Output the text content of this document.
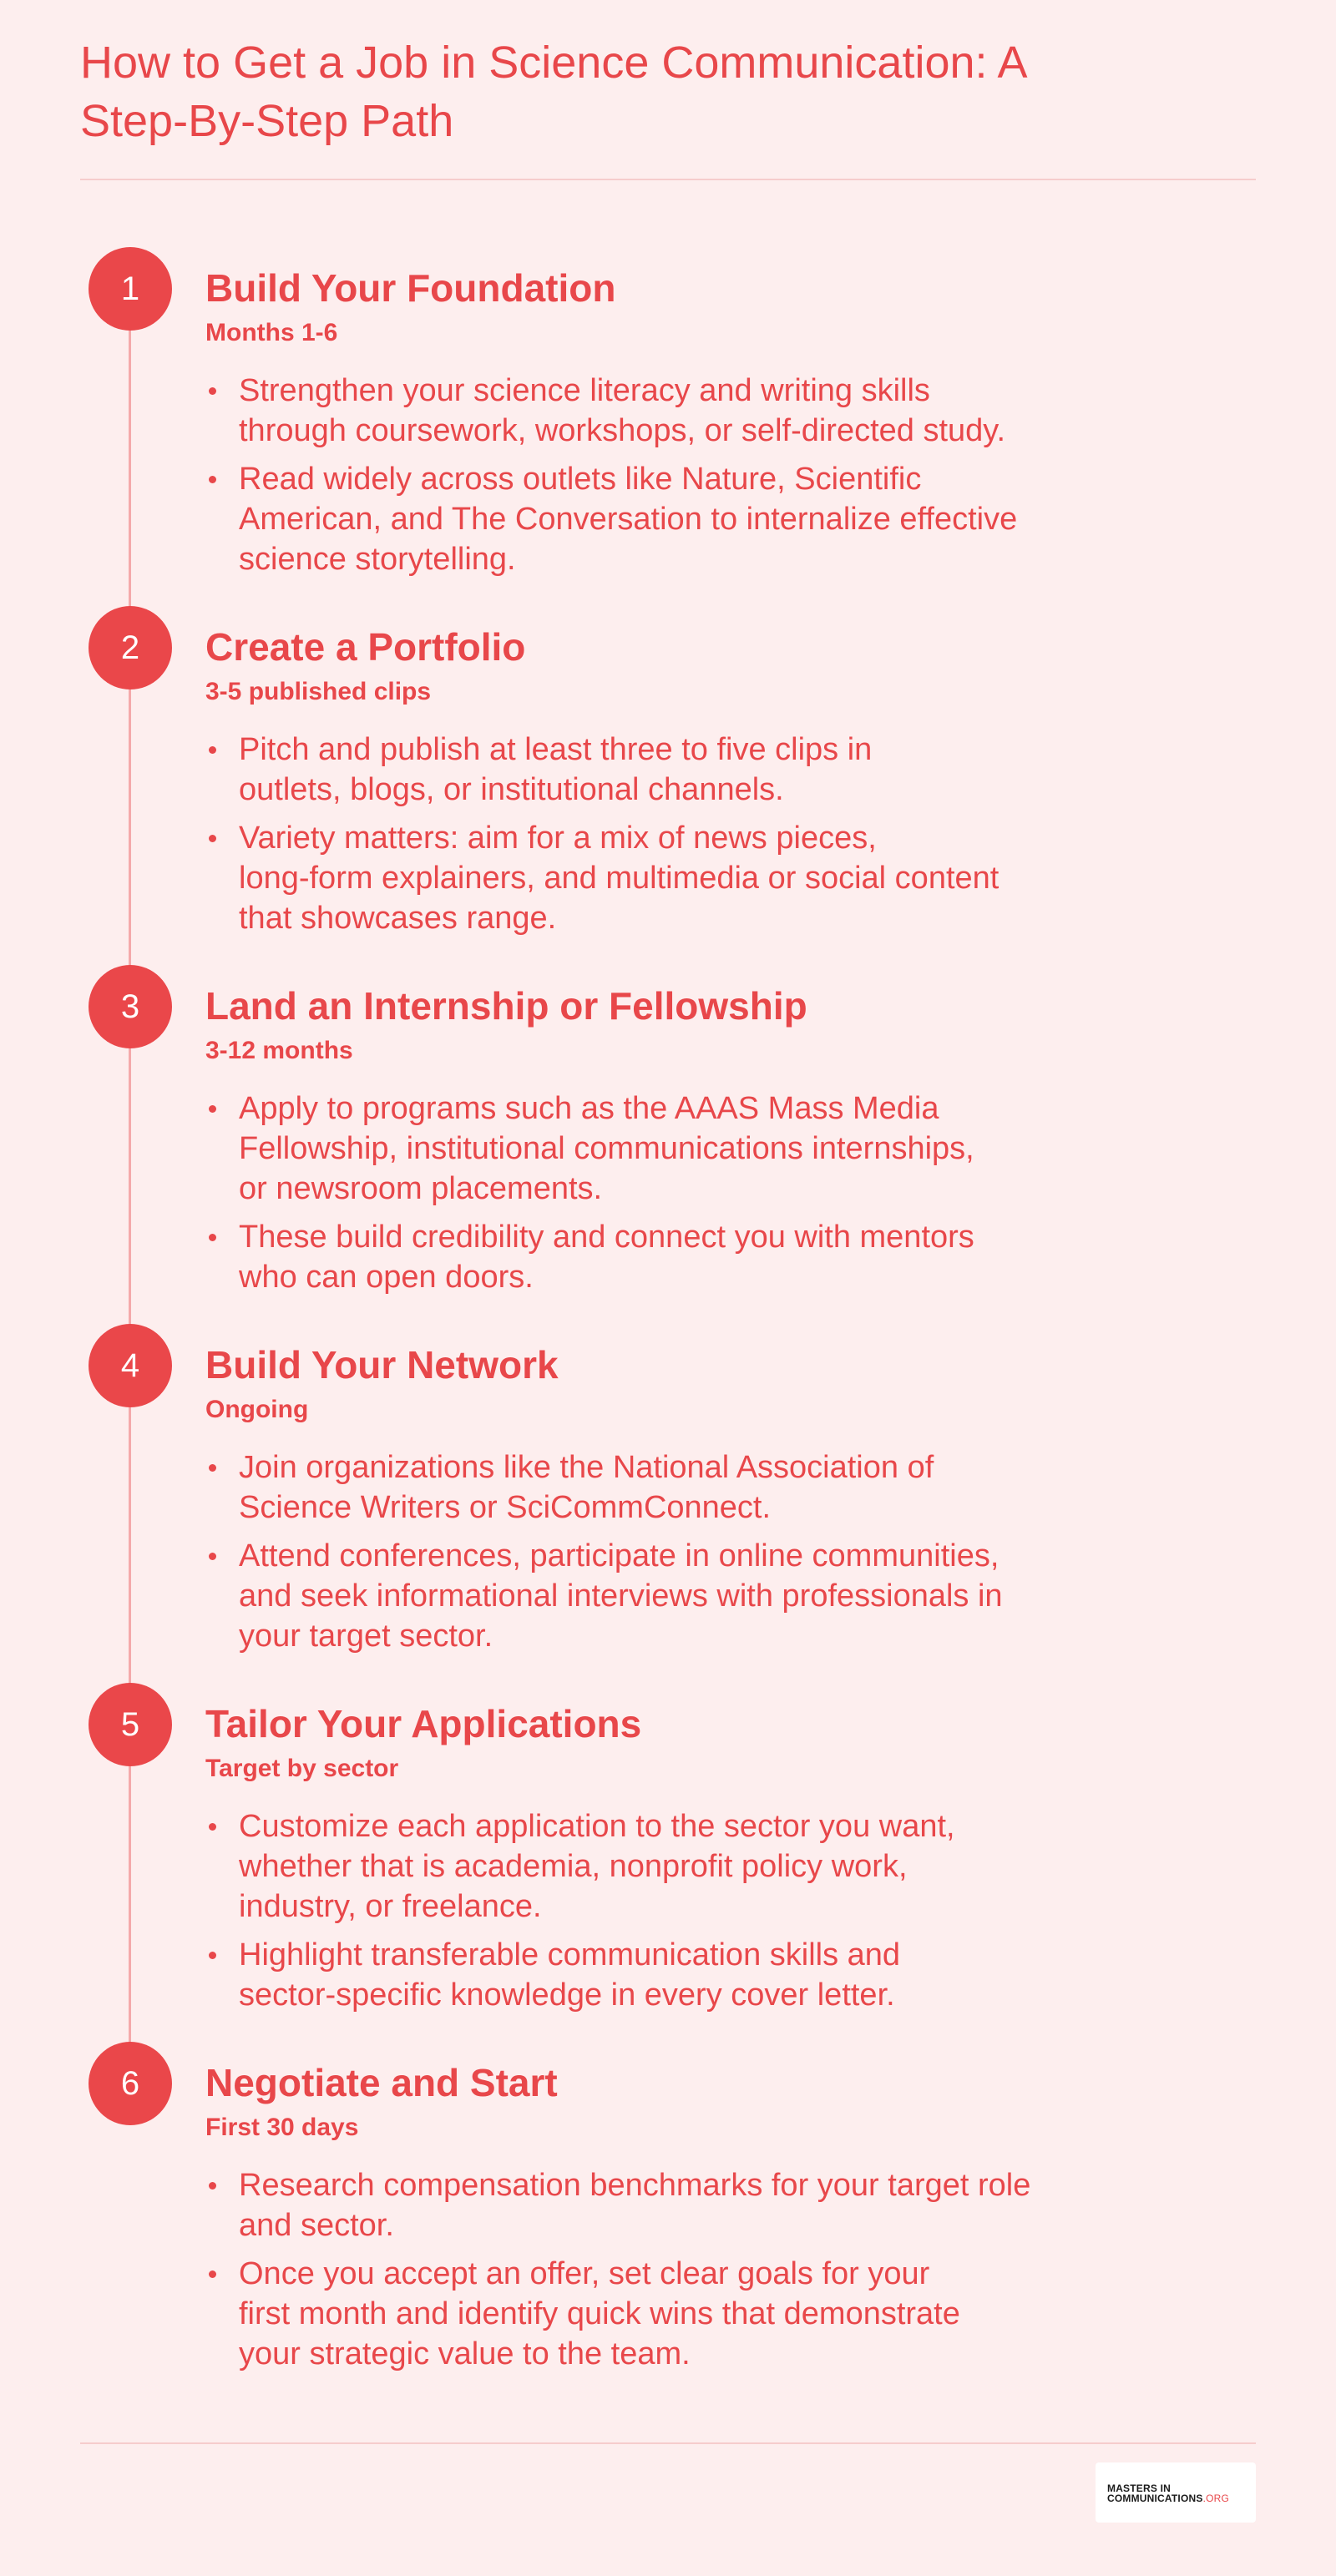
How to Get a Job in Science Communication: A
Step-By-Step Path
1	Build Your Foundation

Months 1-6

Strengthen your science literacy and writing skills
through coursework, workshops, or self-directed study.
Read widely across outlets like Nature, Scientific
American, and The Conversation to internalize effective
science storytelling.
2	Create a Portfolio

3-5 published clips

Pitch and publish at least three to five clips in
outlets, blogs, or institutional channels.
Variety matters: aim for a mix of news pieces,
long-form explainers, and multimedia or social content
that showcases range.
3	Land an Internship or Fellowship

3-12 months

Apply to programs such as the AAAS Mass Media
Fellowship, institutional communications internships,
or newsroom placements.
These build credibility and connect you with mentors
who can open doors.
4	Build Your Network

Ongoing

Join organizations like the National Association of
Science Writers or SciCommConnect.
Attend conferences, participate in online communities,
and seek informational interviews with professionals in
your target sector.
5	Tailor Your Applications

Target by sector

Customize each application to the sector you want,
whether that is academia, nonprofit policy work,
industry, or freelance.
Highlight transferable communication skills and
sector-specific knowledge in every cover letter.
6	Negotiate and Start

First 30 days

Research compensation benchmarks for your target role
and sector.
Once you accept an offer, set clear goals for your
first month and identify quick wins that demonstrate
your strategic value to the team.
MASTERS IN
COMMUNICATIONS.ORG
